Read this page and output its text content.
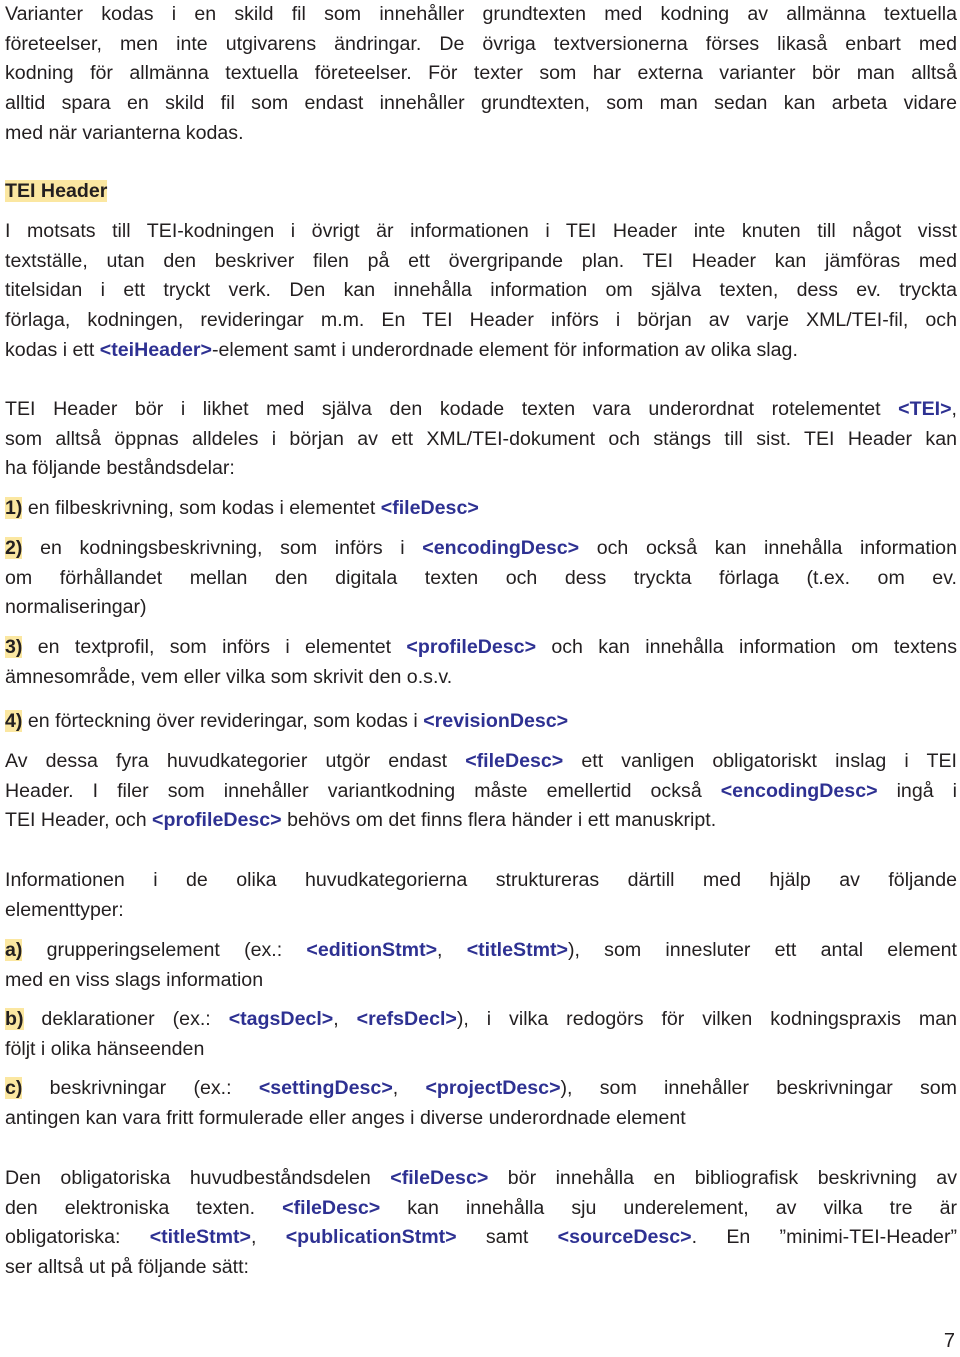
Varianter kodas i en skild fil som innehåller grundtexten med kodning av allmänna textuella

företeelser, men inte utgivarens ändringar. De övriga textversionerna förses likaså enbart med

kodning för allmänna textuella företeelser. För texter som har externa varianter bör man alltså

alltid spara en skild fil som endast innehåller grundtexten, som man sedan kan arbeta vidare

med när varianterna kodas.

TEI Header

I motsats till TEI-kodningen i övrigt är informationen i TEI Header inte knuten till något visst

textställe, utan den beskriver filen på ett övergripande plan. TEI Header kan jämföras med

titelsidan i ett tryckt verk. Den kan innehålla information om själva texten, dess ev. tryckta

förlaga, kodningen, revideringar m.m. En TEI Header införs i början av varje XML/TEI-fil, och

kodas i ett <teiHeader>-element samt i underordnade element för information av olika slag.

TEI Header bör i likhet med själva den kodade texten vara underordnat rotelementet <TEI>,

som alltså öppnas alldeles i början av ett XML/TEI-dokument och stängs till sist. TEI Header kan

ha följande beståndsdelar:

1) en filbeskrivning, som kodas i elementet <fileDesc>

2) en kodningsbeskrivning, som införs i <encodingDesc> och också kan innehålla information

om förhållandet mellan den digitala texten och dess tryckta förlaga (t.ex. om ev.

normaliseringar)

3) en textprofil, som införs i elementet <profileDesc> och kan innehålla information om textens

ämnesområde, vem eller vilka som skrivit den o.s.v.

4) en förteckning över revideringar, som kodas i <revisionDesc>

Av dessa fyra huvudkategorier utgör endast <fileDesc> ett vanligen obligatoriskt inslag i TEI

Header. I filer som innehåller variantkodning måste emellertid också <encodingDesc> ingå i

TEI Header, och <profileDesc> behövs om det finns flera händer i ett manuskript.

Informationen i de olika huvudkategorierna struktureras därtill med hjälp av följande

elementtyper:

a) grupperingselement (ex.: <editionStmt>, <titleStmt>), som innesluter ett antal element

med en viss slags information

b) deklarationer (ex.: <tagsDecl>, <refsDecl>), i vilka redogörs för vilken kodningspraxis man

följt i olika hänseenden

c) beskrivningar (ex.: <settingDesc>, <projectDesc>), som innehåller beskrivningar som

antingen kan vara fritt formulerade eller anges i diverse underordnade element

Den obligatoriska huvudbeståndsdelen <fileDesc> bör innehålla en bibliografisk beskrivning av

den elektroniska texten. <fileDesc> kan innehålla sju underelement, av vilka tre är

obligatoriska: <titleStmt>, <publicationStmt> samt <sourceDesc>. En ”minimi-TEI-Header”

ser alltså ut på följande sätt:

7
